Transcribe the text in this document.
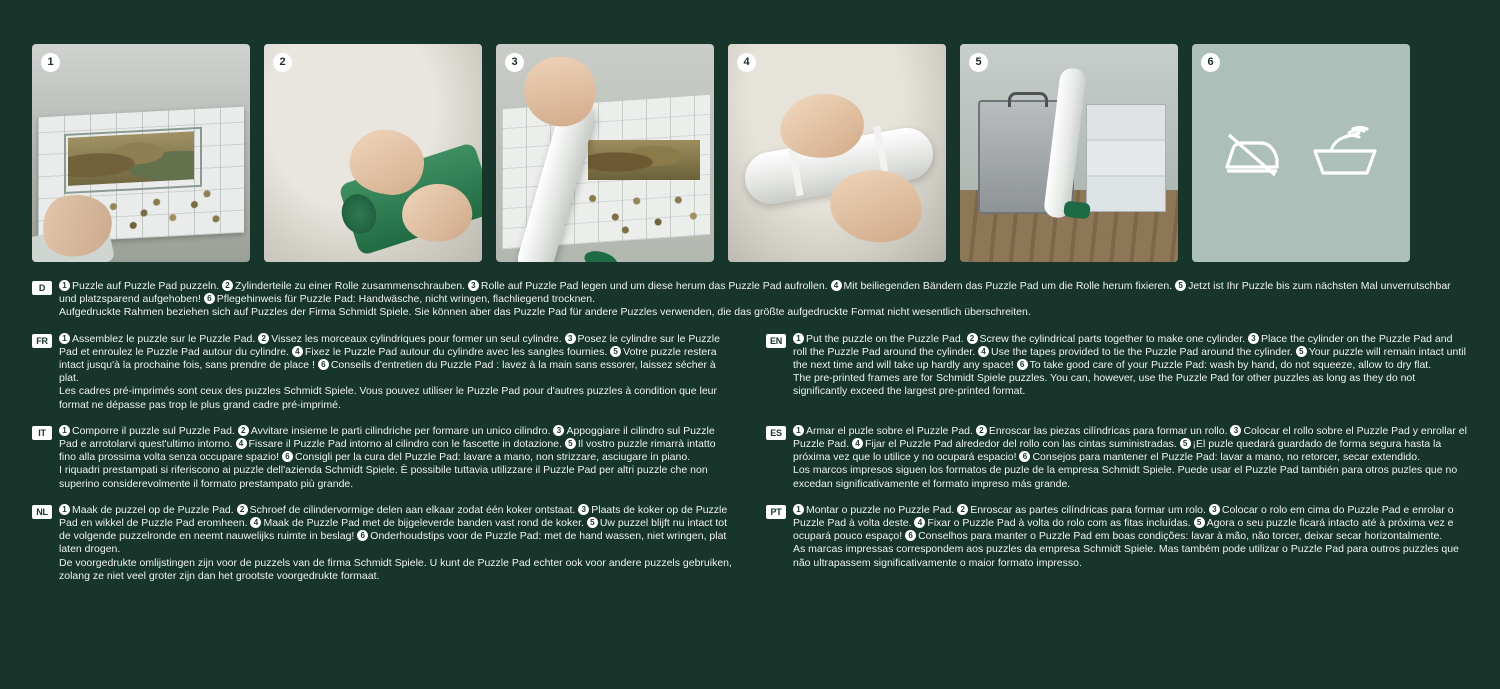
1	2	3	4	5	6
D	1 Puzzle auf Puzzle Pad puzzeln. 2 Zylinderteile zu einer Rolle zusammenschrauben. 3 Rolle auf Puzzle Pad legen und um diese herum das Puzzle Pad aufrollen. 4 Mit beiliegenden Bändern das Puzzle Pad um die Rolle herum fixieren. 5 Jetzt ist Ihr Puzzle bis zum nächsten Mal unverrutschbar und platzsparend aufgehoben! 6 Pflegehinweis für Puzzle Pad: Handwäsche, nicht wringen, flachliegend trocknen.
Aufgedruckte Rahmen beziehen sich auf Puzzles der Firma Schmidt Spiele. Sie können aber das Puzzle Pad für andere Puzzles verwenden, die das größte aufgedruckte Format nicht wesentlich überschreiten.
FR	1 Assemblez le puzzle sur le Puzzle Pad. 2 Vissez les morceaux cylindriques pour former un seul cylindre. 3 Posez le cylindre sur le Puzzle Pad et enroulez le Puzzle Pad autour du cylindre. 4 Fixez le Puzzle Pad autour du cylindre avec les sangles fournies. 5 Votre puzzle restera intact jusqu'à la prochaine fois, sans prendre de place ! 6 Conseils d'entretien du Puzzle Pad : lavez à la main sans essorer, laissez sécher à plat.
Les cadres pré-imprimés sont ceux des puzzles Schmidt Spiele. Vous pouvez utiliser le Puzzle Pad pour d'autres puzzles à condition que leur format ne dépasse pas trop le plus grand cadre pré-imprimé.
EN	1 Put the puzzle on the Puzzle Pad. 2 Screw the cylindrical parts together to make one cylinder. 3 Place the cylinder on the Puzzle Pad and roll the Puzzle Pad around the cylinder. 4 Use the tapes provided to tie the Puzzle Pad around the cylinder. 5 Your puzzle will remain intact until the next time and will take up hardly any space! 6 To take good care of your Puzzle Pad: wash by hand, do not squeeze, allow to dry flat.
The pre-printed frames are for Schmidt Spiele puzzles. You can, however, use the Puzzle Pad for other puzzles as long as they do not significantly exceed the largest pre-printed format.
IT	1 Comporre il puzzle sul Puzzle Pad. 2 Avvitare insieme le parti cilindriche per formare un unico cilindro. 3 Appoggiare il cilindro sul Puzzle Pad e arrotolarvi quest'ultimo intorno. 4 Fissare il Puzzle Pad intorno al cilindro con le fascette in dotazione. 5 Il vostro puzzle rimarrà intatto fino alla prossima volta senza occupare spazio! 6 Consigli per la cura del Puzzle Pad: lavare a mano, non strizzare, asciugare in piano.
I riquadri prestampati si riferiscono ai puzzle dell'azienda Schmidt Spiele. È possibile tuttavia utilizzare il Puzzle Pad per altri puzzle che non superino considerevolmente il formato prestampato più grande.
ES	1 Armar el puzle sobre el Puzzle Pad. 2 Enroscar las piezas cilíndricas para formar un rollo. 3 Colocar el rollo sobre el Puzzle Pad y enrollar el Puzzle Pad. 4 Fijar el Puzzle Pad alrededor del rollo con las cintas suministradas. 5 ¡El puzle quedará guardado de forma segura hasta la próxima vez que lo utilice y no ocupará espacio! 6 Consejos para mantener el Puzzle Pad: lavar a mano, no retorcer, secar extendido.
Los marcos impresos siguen los formatos de puzle de la empresa Schmidt Spiele. Puede usar el Puzzle Pad también para otros puzles que no excedan significativamente el formato impreso más grande.
NL	1 Maak de puzzel op de Puzzle Pad. 2 Schroef de cilindervormige delen aan elkaar zodat één koker ontstaat. 3 Plaats de koker op de Puzzle Pad en wikkel de Puzzle Pad eromheen. 4 Maak de Puzzle Pad met de bijgeleverde banden vast rond de koker. 5 Uw puzzel blijft nu intact tot de volgende puzzelronde en neemt nauwelijks ruimte in beslag! 6 Onderhoudstips voor de Puzzle Pad: met de hand wassen, niet wringen, plat laten drogen.
De voorgedrukte omlijstingen zijn voor de puzzels van de firma Schmidt Spiele. U kunt de Puzzle Pad echter ook voor andere puzzels gebruiken, zolang ze niet veel groter zijn dan het grootste voorgedrukte formaat.
PT	1 Montar o puzzle no Puzzle Pad. 2 Enroscar as partes cilíndricas para formar um rolo. 3 Colocar o rolo em cima do Puzzle Pad e enrolar o Puzzle Pad à volta deste. 4 Fixar o Puzzle Pad à volta do rolo com as fitas incluídas. 5 Agora o seu puzzle ficará intacto até à próxima vez e ocupará pouco espaço! 6 Conselhos para manter o Puzzle Pad em boas condições: lavar à mão, não torcer, deixar secar horizontalmente.
As marcas impressas correspondem aos puzzles da empresa Schmidt Spiele. Mas também pode utilizar o Puzzle Pad para outros puzzles que não ultrapassem significativamente o maior formato impresso.
